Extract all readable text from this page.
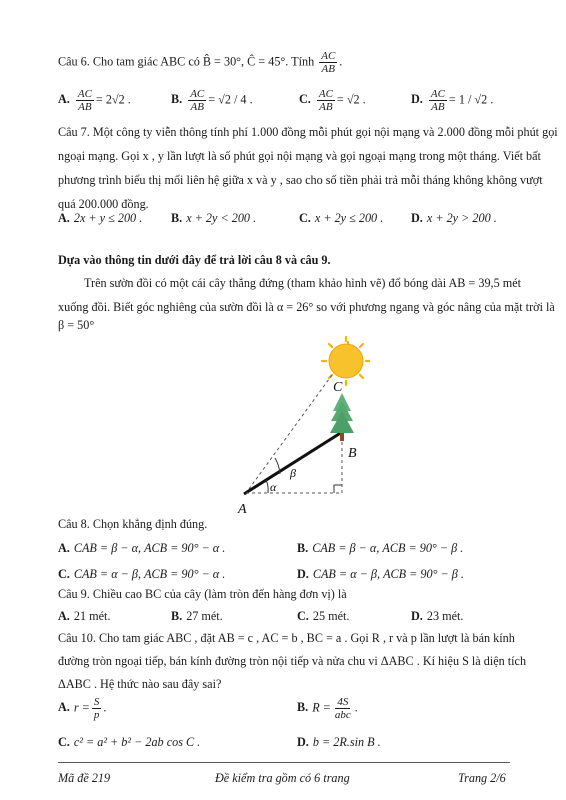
Câu 6. Cho tam giác ABC có B̂ = 30°, Ĉ = 45°. Tính $\frac{AC}{AB}$ .
A. $\frac{AC}{AB} = 2√2$ .	B. $\frac{AC}{AB} = √2 / 4$ .	C. $\frac{AC}{AB} = √2$ .	D. $\frac{AC}{AB} = 1 / √2$ .
Câu 7. Một công ty viễn thông tính phí 1.000 đồng mỗi phút gọi nội mạng và 2.000 đồng mỗi phút gọi
ngoại mạng. Gọi x , y lần lượt là số phút gọi nội mạng và gọi ngoại mạng trong một tháng. Viết bất
phương trình biểu thị mối liên hệ giữa x và y , sao cho số tiền phải trả mỗi tháng không không vượt
quá 200.000 đồng.
A. 2x + y ≤ 200 . B. x + 2y < 200 .	C. x + 2y ≤ 200 . D. x + 2y > 200 .
Dựa vào thông tin dưới đây để trả lời câu 8 và câu 9.
Trên sườn đồi có một cái cây thẳng đứng (tham khảo hình vẽ) đổ bóng dài AB = 39,5 mét
xuống đồi. Biết góc nghiêng của sườn đồi là α = 26° so với phương ngang và góc nâng của mặt trời là
β = 50°
C
B
A
α
β
Câu 8. Chọn khẳng định đúng.
A. CAB = β − α, ACB = 90° − α .	B. CAB = β − α, ACB = 90° − β .
C. CAB = α − β, ACB = 90° − α .	D. CAB = α − β, ACB = 90° − β .
Câu 9. Chiều cao BC của cây (làm tròn đến hàng đơn vị) là
A. 21 mét.	B. 27 mét.	C. 25 mét.	D. 23 mét.
Câu 10. Cho tam giác ABC , đặt AB = c , AC = b , BC = a . Gọi R , r và p lần lượt là bán kính
đường tròn ngoại tiếp, bán kính đường tròn nội tiếp và nửa chu vi ΔABC . Kí hiệu S là diện tích
ΔABC . Hệ thức nào sau đây sai?
A. $r = \frac{S}{p}$ .	B. $R = \frac{4S}{\text{abc}}$ .
C. c² = a² + b² − 2ab cos C .	D. b = 2R.sin B .
Mã đề 219	Đề kiểm tra gồm có 6 trang	Trang 2/6
